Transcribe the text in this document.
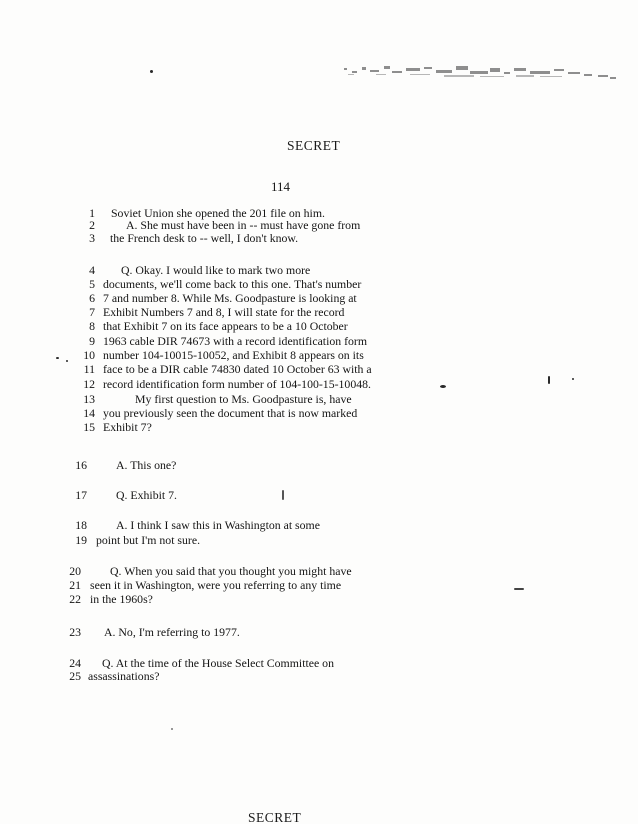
SECRET
114
1 Soviet Union she opened the 201 file on him.
2	A. She must have been in -- must have gone from
3 the French desk to -- well, I don't know.
4 Q. Okay. I would like to mark two more
5 documents, we'll come back to this one. That's number
6 7 and number 8. While Ms. Goodpasture is looking at
7 Exhibit Numbers 7 and 8, I will state for the record
8 that Exhibit 7 on its face appears to be a 10 October
9 1963 cable DIR 74673 with a record identification form
10 number 104-10015-10052, and Exhibit 8 appears on its
11 face to be a DIR cable 74830 dated 10 October 63 with a
12 record identification form number of 104-100-15-10048.
13	My first question to Ms. Goodpasture is, have
14 you previously seen the document that is now marked
15 Exhibit 7?
16 A. This one?
17 Q. Exhibit 7.
18 A. I think I saw this in Washington at some
19 point but I'm not sure.
20 Q. When you said that you thought you might have
21 seen it in Washington, were you referring to any time
22 in the 1960s?
23 A. No, I'm referring to 1977.
24 Q. At the time of the House Select Committee on
25 assassinations?
SECRET
